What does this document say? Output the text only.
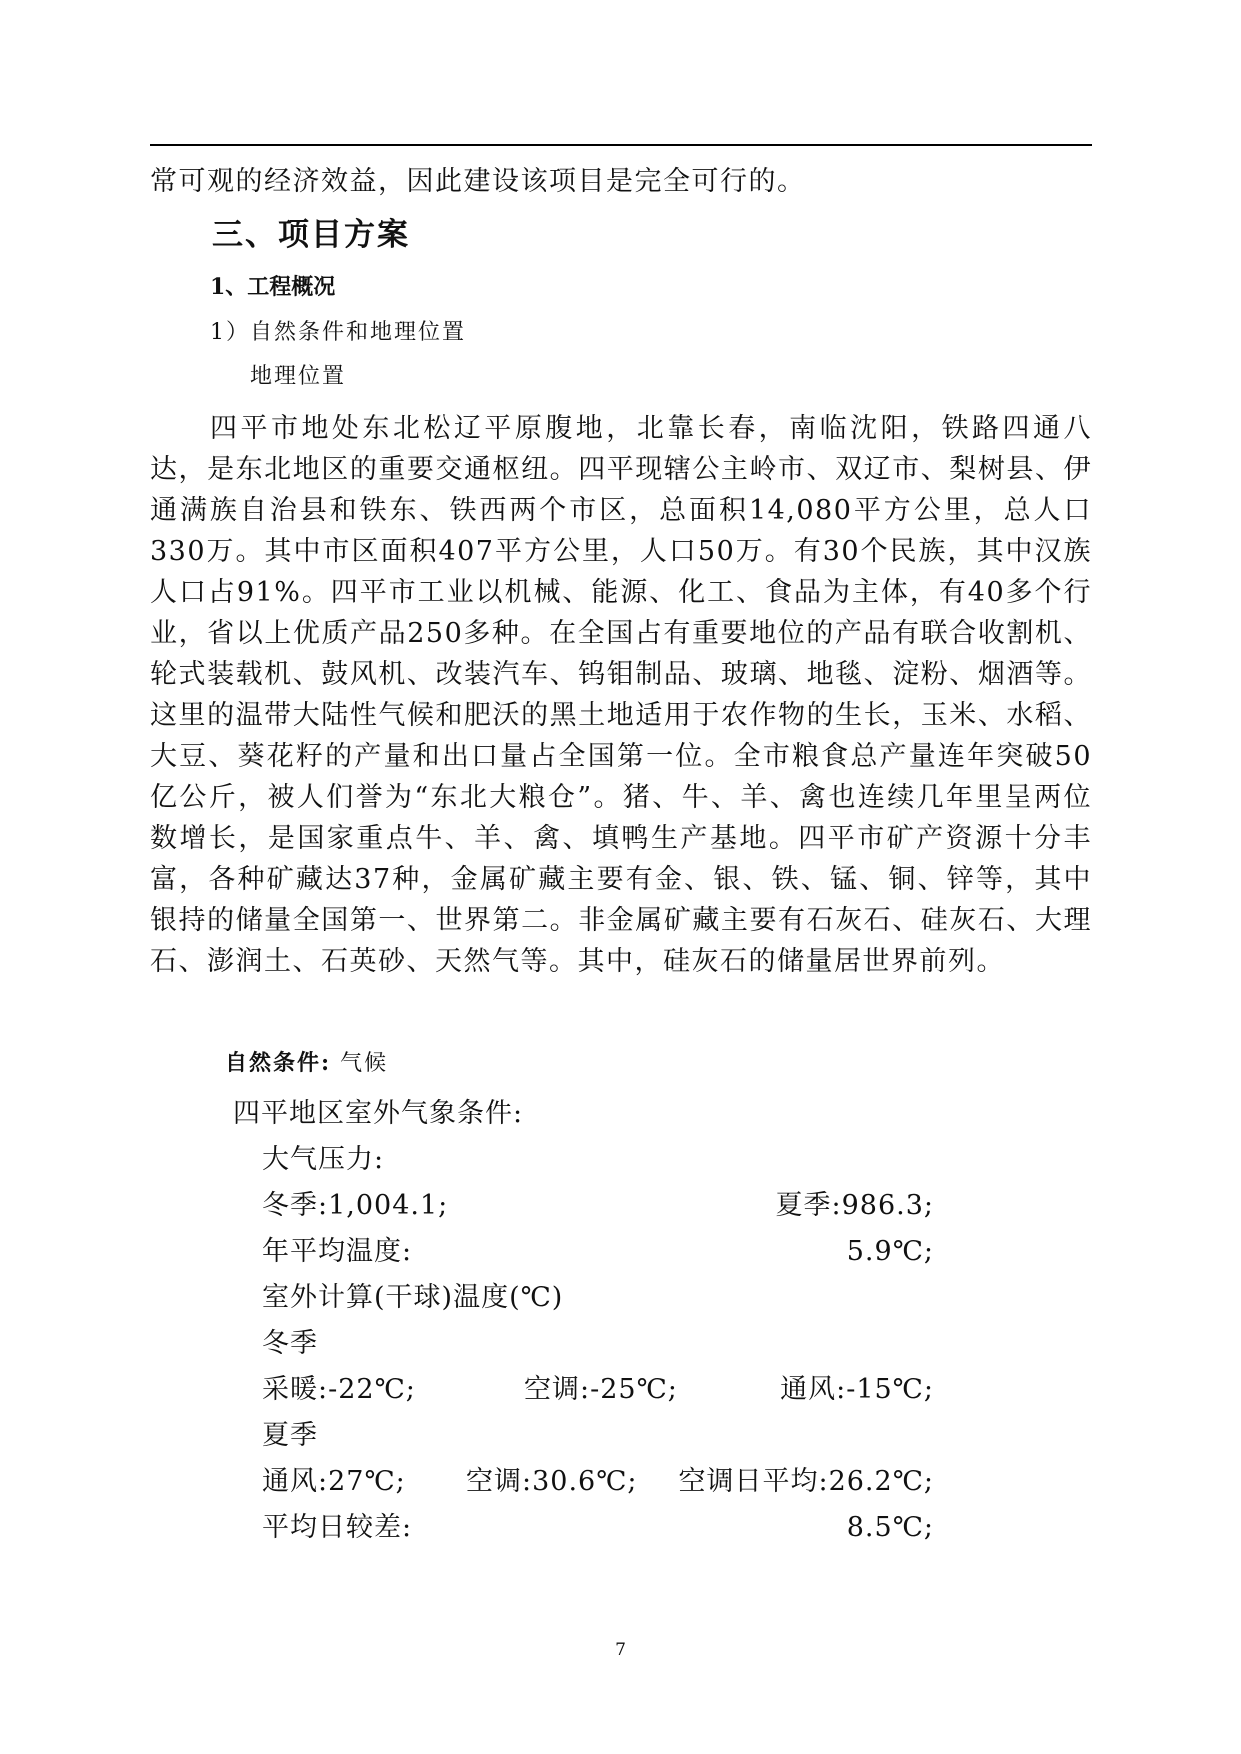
常可观的经济效益，因此建设该项目是完全可行的。
三、项目方案
1、工程概况
1）自然条件和地理位置
地理位置
四平市地处东北松辽平原腹地，北靠长春，南临沈阳，铁路四通八达，是东北地区的重要交通枢纽。四平现辖公主岭市、双辽市、梨树县、伊通满族自治县和铁东、铁西两个市区，总面积14,080平方公里，总人口330万。其中市区面积407平方公里，人口50万。有30个民族，其中汉族人口占91%。四平市工业以机械、能源、化工、食品为主体，有40多个行业，省以上优质产品250多种。在全国占有重要地位的产品有联合收割机、轮式装载机、鼓风机、改装汽车、钨钼制品、玻璃、地毯、淀粉、烟酒等。这里的温带大陆性气候和肥沃的黑土地适用于农作物的生长，玉米、水稻、大豆、葵花籽的产量和出口量占全国第一位。全市粮食总产量连年突破50亿公斤，被人们誉为“东北大粮仓”。猪、牛、羊、禽也连续几年里呈两位数增长，是国家重点牛、羊、禽、填鸭生产基地。四平市矿产资源十分丰富，各种矿藏达37种，金属矿藏主要有金、银、铁、锰、铜、锌等，其中银持的储量全国第一、世界第二。非金属矿藏主要有石灰石、硅灰石、大理石、澎润土、石英砂、天然气等。其中，硅灰石的储量居世界前列。
自然条件: 气候
四平地区室外气象条件:
大气压力:
冬季:1,004.1;	夏季:986.3;
年平均温度:	5.9℃;
室外计算(干球)温度(℃)
冬季
采暖:-22℃;	空调:-25℃;	通风:-15℃;
夏季
通风:27℃; 空调:30.6℃;	空调日平均:26.2℃;
平均日较差:	8.5℃;
7
